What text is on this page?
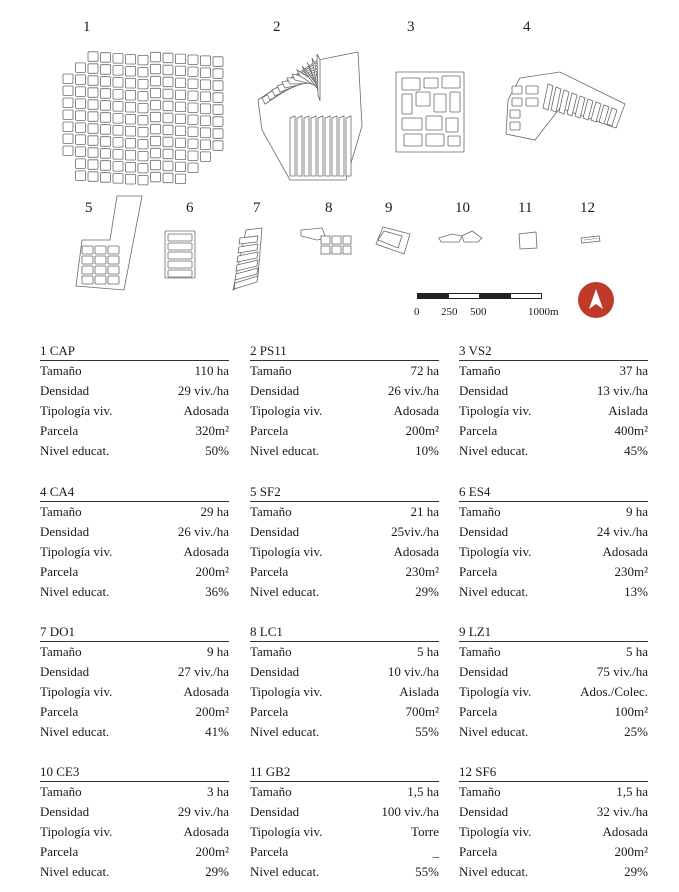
1	2	3	4
5	6	7	8	9	10	11	12
0 250 500	1000m
1 CAP
Tamaño	110 ha
Densidad	29 viv./ha
Tipología viv.	Adosada
Parcela	320m²
Nivel educat.	50%
2 PS11
Tamaño	72 ha
Densidad	26 viv./ha
Tipología viv.	Adosada
Parcela	200m²
Nivel educat.	10%
3 VS2
Tamaño	37 ha
Densidad	13 viv./ha
Tipología viv.	Aislada
Parcela	400m²
Nivel educat.	45%
4 CA4
Tamaño	29 ha
Densidad	26 viv./ha
Tipología viv.	Adosada
Parcela	200m²
Nivel educat.	36%
5 SF2
Tamaño	21 ha
Densidad	25viv./ha
Tipología viv.	Adosada
Parcela	230m²
Nivel educat.	29%
6 ES4
Tamaño	9 ha
Densidad	24 viv./ha
Tipología viv.	Adosada
Parcela	230m²
Nivel educat.	13%
7 DO1
Tamaño	9 ha
Densidad	27 viv./ha
Tipología viv.	Adosada
Parcela	200m²
Nivel educat.	41%
8 LC1
Tamaño	5 ha
Densidad	10 viv./ha
Tipología viv.	Aislada
Parcela	700m²
Nivel educat.	55%
9 LZ1
Tamaño	5 ha
Densidad	75 viv./ha
Tipología viv.	Ados./Colec.
Parcela	100m²
Nivel educat.	25%
10 CE3
Tamaño	3 ha
Densidad	29 viv./ha
Tipología viv.	Adosada
Parcela	200m²
Nivel educat.	29%
11 GB2
Tamaño	1,5 ha
Densidad	100 viv./ha
Tipología viv.	Torre
Parcela	_
Nivel educat.	55%
12 SF6
Tamaño	1,5 ha
Densidad	32 viv./ha
Tipología viv.	Adosada
Parcela	200m²
Nivel educat.	29%
